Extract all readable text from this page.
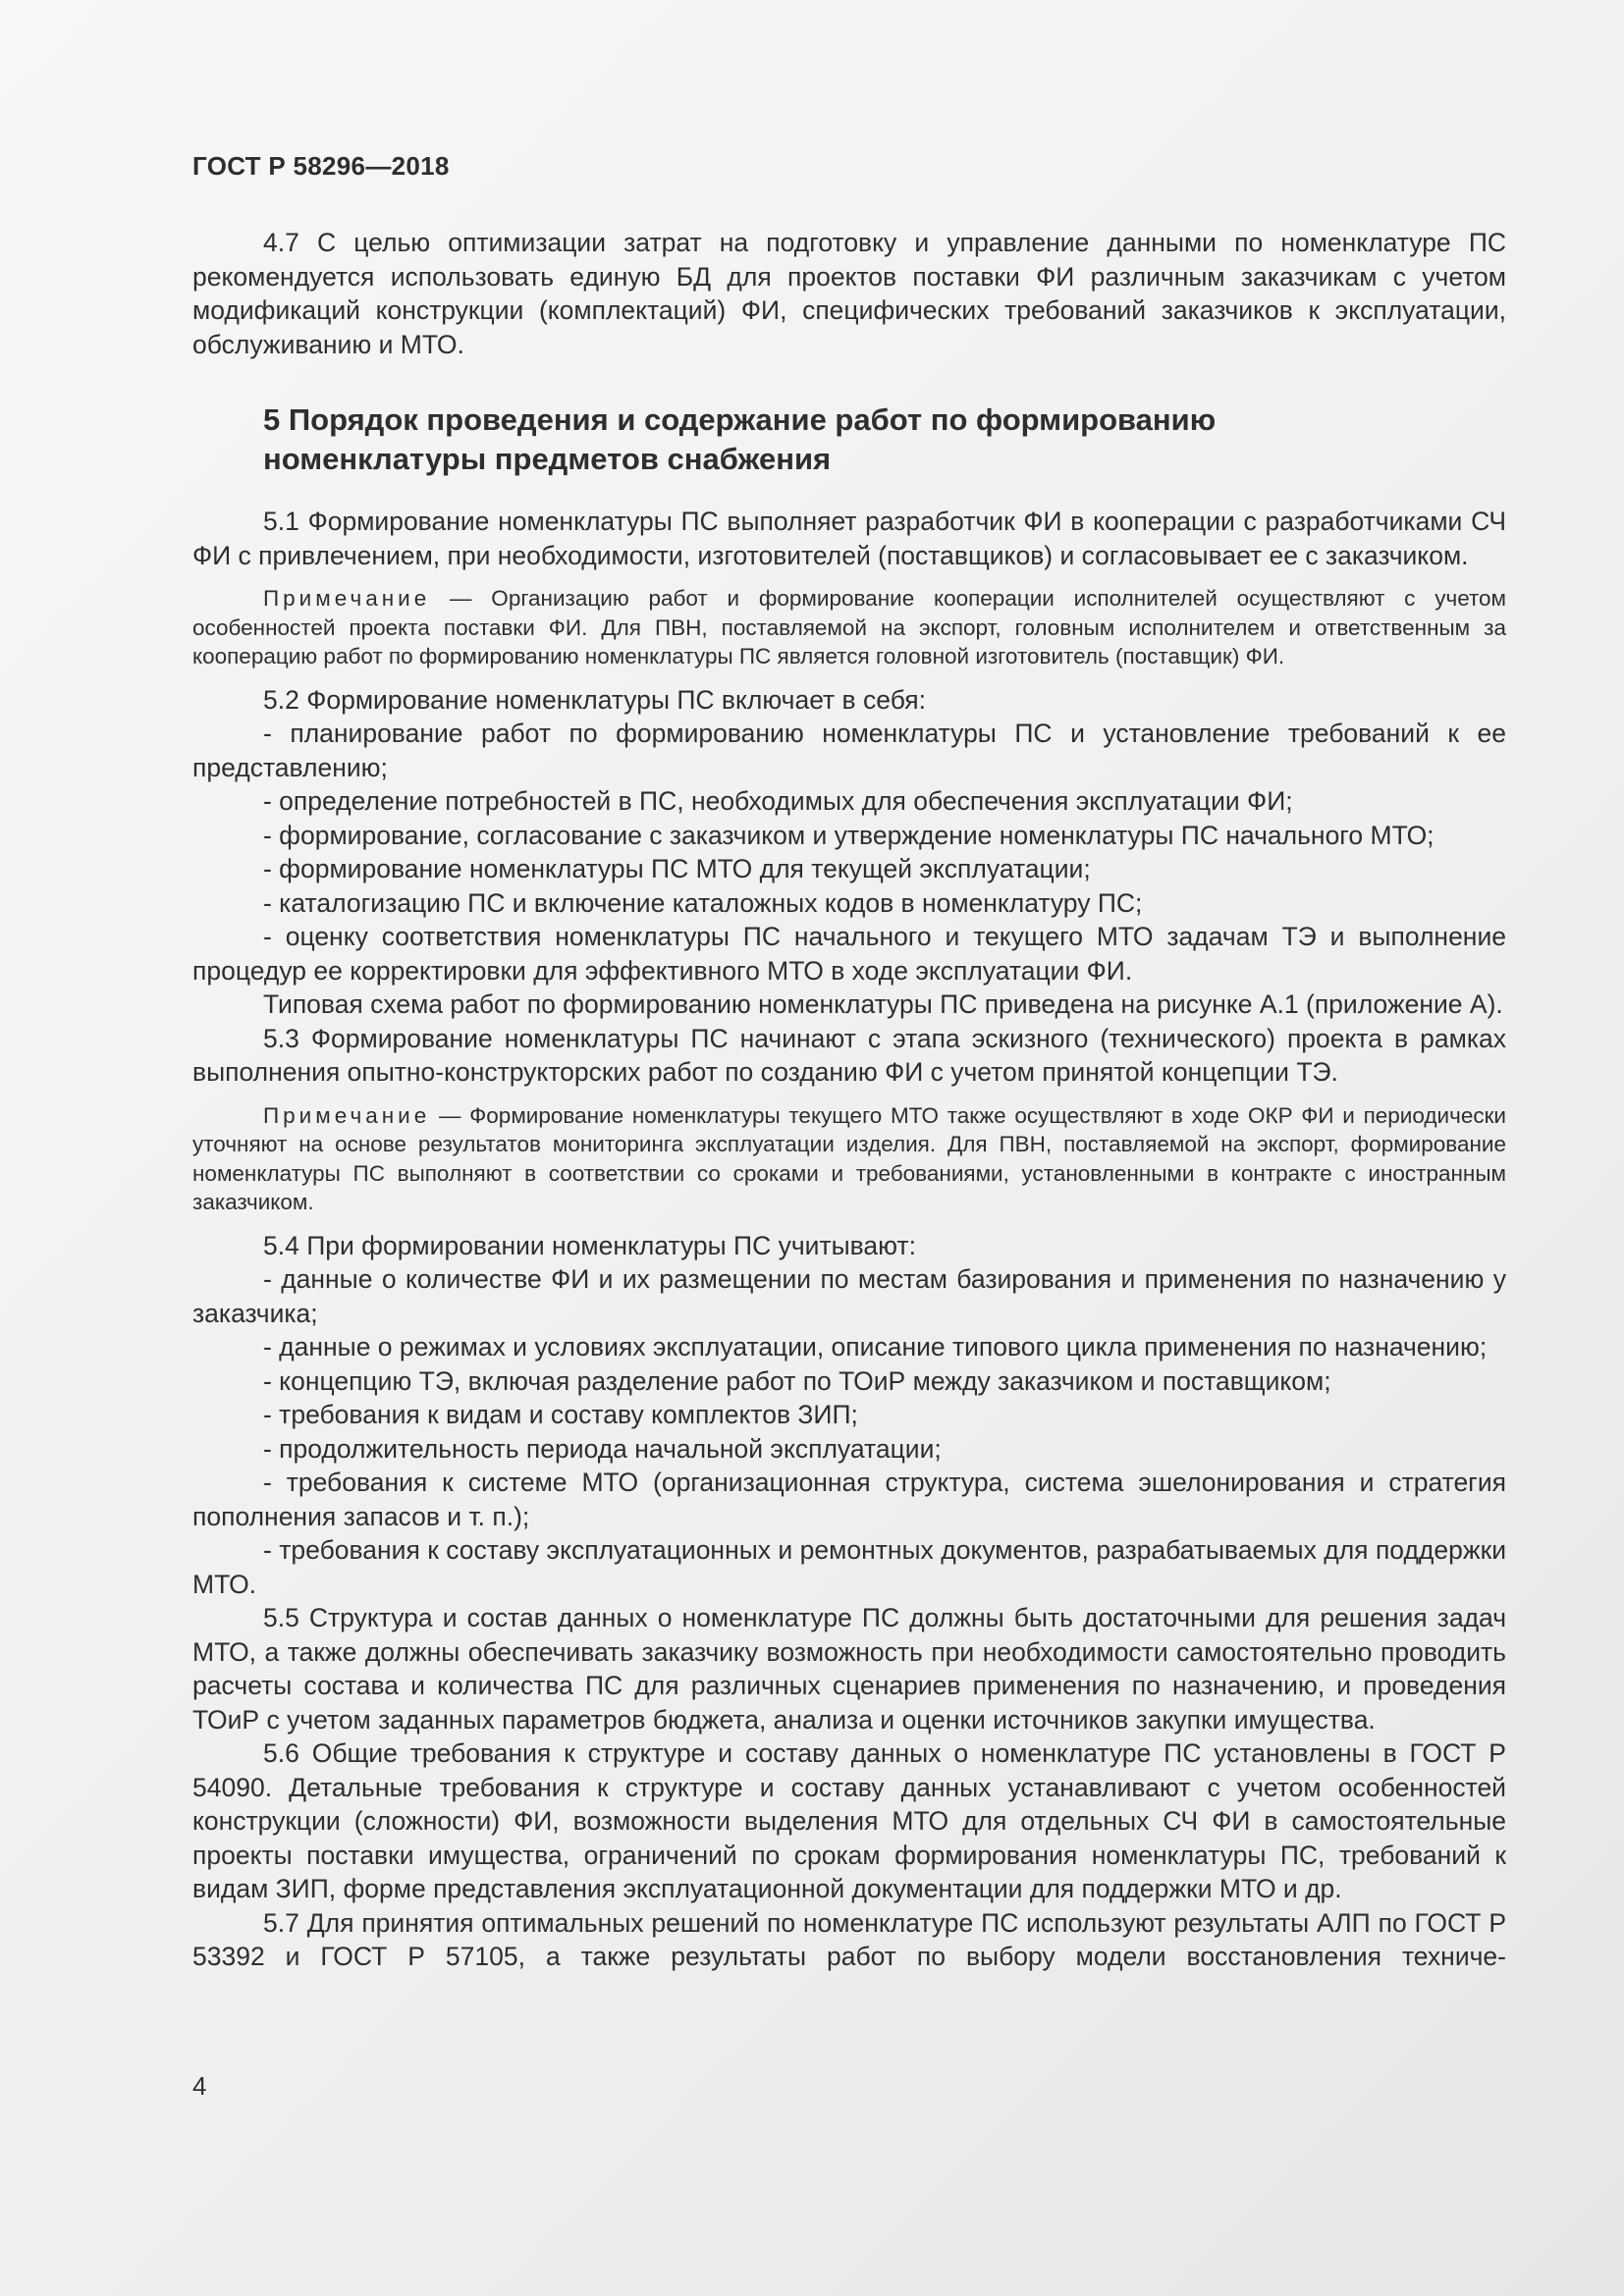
ГОСТ Р 58296—2018

4.7 С целью оптимизации затрат на подготовку и управление данными по номенклатуре ПС рекомендуется использовать единую БД для проектов поставки ФИ различным заказчикам с учетом модификаций конструкции (комплектаций) ФИ, специфических требований заказчиков к эксплуатации, обслуживанию и МТО.

5 Порядок проведения и содержание работ по формированию
номенклатуры предметов снабжения

5.1 Формирование номенклатуры ПС выполняет разработчик ФИ в кооперации с разработчиками СЧ ФИ с привлечением, при необходимости, изготовителей (поставщиков) и согласовывает ее с заказчиком.

Примечание — Организацию работ и формирование кооперации исполнителей осуществляют с учетом особенностей проекта поставки ФИ. Для ПВН, поставляемой на экспорт, головным исполнителем и ответственным за кооперацию работ по формированию номенклатуры ПС является головной изготовитель (поставщик) ФИ.

5.2 Формирование номенклатуры ПС включает в себя:

- планирование работ по формированию номенклатуры ПС и установление требований к ее представлению;

- определение потребностей в ПС, необходимых для обеспечения эксплуатации ФИ;

- формирование, согласование с заказчиком и утверждение номенклатуры ПС начального МТО;

- формирование номенклатуры ПС МТО для текущей эксплуатации;

- каталогизацию ПС и включение каталожных кодов в номенклатуру ПС;

- оценку соответствия номенклатуры ПС начального и текущего МТО задачам ТЭ и выполнение процедур ее корректировки для эффективного МТО в ходе эксплуатации ФИ.

Типовая схема работ по формированию номенклатуры ПС приведена на рисунке А.1 (приложение А).

5.3 Формирование номенклатуры ПС начинают с этапа эскизного (технического) проекта в рамках выполнения опытно-конструкторских работ по созданию ФИ с учетом принятой концепции ТЭ.

Примечание — Формирование номенклатуры текущего МТО также осуществляют в ходе ОКР ФИ и периодически уточняют на основе результатов мониторинга эксплуатации изделия. Для ПВН, поставляемой на экспорт, формирование номенклатуры ПС выполняют в соответствии со сроками и требованиями, установленными в контракте с иностранным заказчиком.

5.4 При формировании номенклатуры ПС учитывают:

- данные о количестве ФИ и их размещении по местам базирования и применения по назначению у заказчика;

- данные о режимах и условиях эксплуатации, описание типового цикла применения по назначению;

- концепцию ТЭ, включая разделение работ по ТОиР между заказчиком и поставщиком;

- требования к видам и составу комплектов ЗИП;

- продолжительность периода начальной эксплуатации;

- требования к системе МТО (организационная структура, система эшелонирования и стратегия пополнения запасов и т. п.);

- требования к составу эксплуатационных и ремонтных документов, разрабатываемых для поддержки МТО.

5.5 Структура и состав данных о номенклатуре ПС должны быть достаточными для решения задач МТО, а также должны обеспечивать заказчику возможность при необходимости самостоятельно проводить расчеты состава и количества ПС для различных сценариев применения по назначению, и проведения ТОиР с учетом заданных параметров бюджета, анализа и оценки источников закупки имущества.

5.6 Общие требования к структуре и составу данных о номенклатуре ПС установлены в ГОСТ Р 54090. Детальные требования к структуре и составу данных устанавливают с учетом особенностей конструкции (сложности) ФИ, возможности выделения МТО для отдельных СЧ ФИ в самостоятельные проекты поставки имущества, ограничений по срокам формирования номенклатуры ПС, требований к видам ЗИП, форме представления эксплуатационной документации для поддержки МТО и др.

5.7 Для принятия оптимальных решений по номенклатуре ПС используют результаты АЛП по ГОСТ Р 53392 и ГОСТ Р 57105, а также результаты работ по выбору модели восстановления техниче-

4
